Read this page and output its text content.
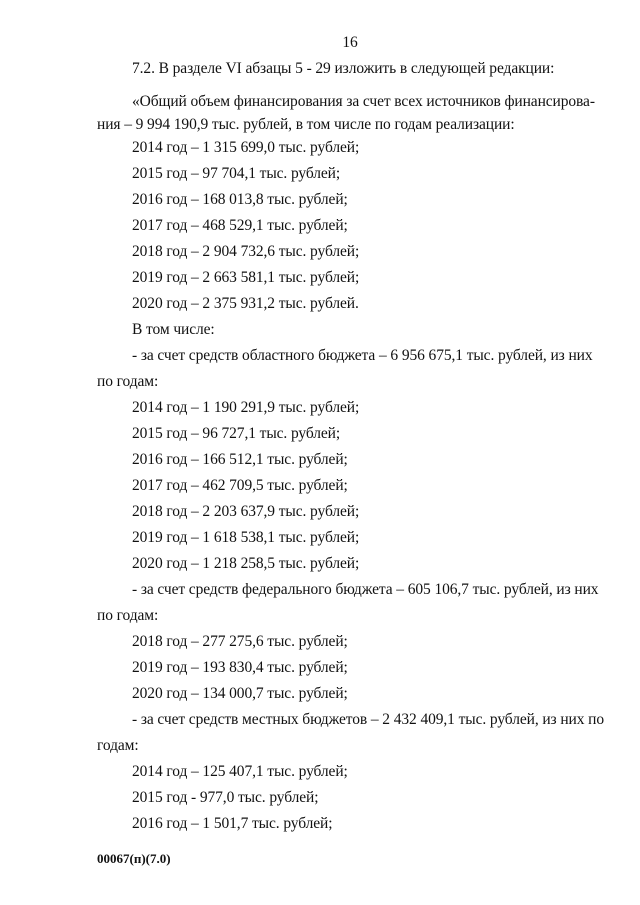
16
7.2. В разделе VI абзацы 5 - 29 изложить в следующей редакции:
«Общий объем финансирования за счет всех источников финансирова-
ния – 9 994 190,9 тыс. рублей, в том числе по годам реализации:
2014 год – 1 315 699,0 тыс. рублей;
2015 год – 97 704,1 тыс. рублей;
2016 год – 168 013,8 тыс. рублей;
2017 год – 468 529,1 тыс. рублей;
2018 год – 2 904 732,6 тыс. рублей;
2019 год – 2 663 581,1 тыс. рублей;
2020 год – 2 375 931,2 тыс. рублей.
В том числе:
- за счет средств областного бюджета – 6 956 675,1 тыс. рублей, из них
по годам:
2014 год – 1 190 291,9 тыс. рублей;
2015 год – 96 727,1 тыс. рублей;
2016 год – 166 512,1 тыс. рублей;
2017 год – 462 709,5 тыс. рублей;
2018 год – 2 203 637,9 тыс. рублей;
2019 год – 1 618 538,1 тыс. рублей;
2020 год – 1 218 258,5 тыс. рублей;
- за счет средств федерального бюджета – 605 106,7 тыс. рублей, из них
по годам:
2018 год – 277 275,6 тыс. рублей;
2019 год – 193 830,4 тыс. рублей;
2020 год – 134 000,7 тыс. рублей;
- за счет средств местных бюджетов – 2 432 409,1 тыс. рублей, из них по
годам:
2014 год – 125 407,1 тыс. рублей;
2015 год - 977,0 тыс. рублей;
2016 год – 1 501,7 тыс. рублей;
00067(п)(7.0)
